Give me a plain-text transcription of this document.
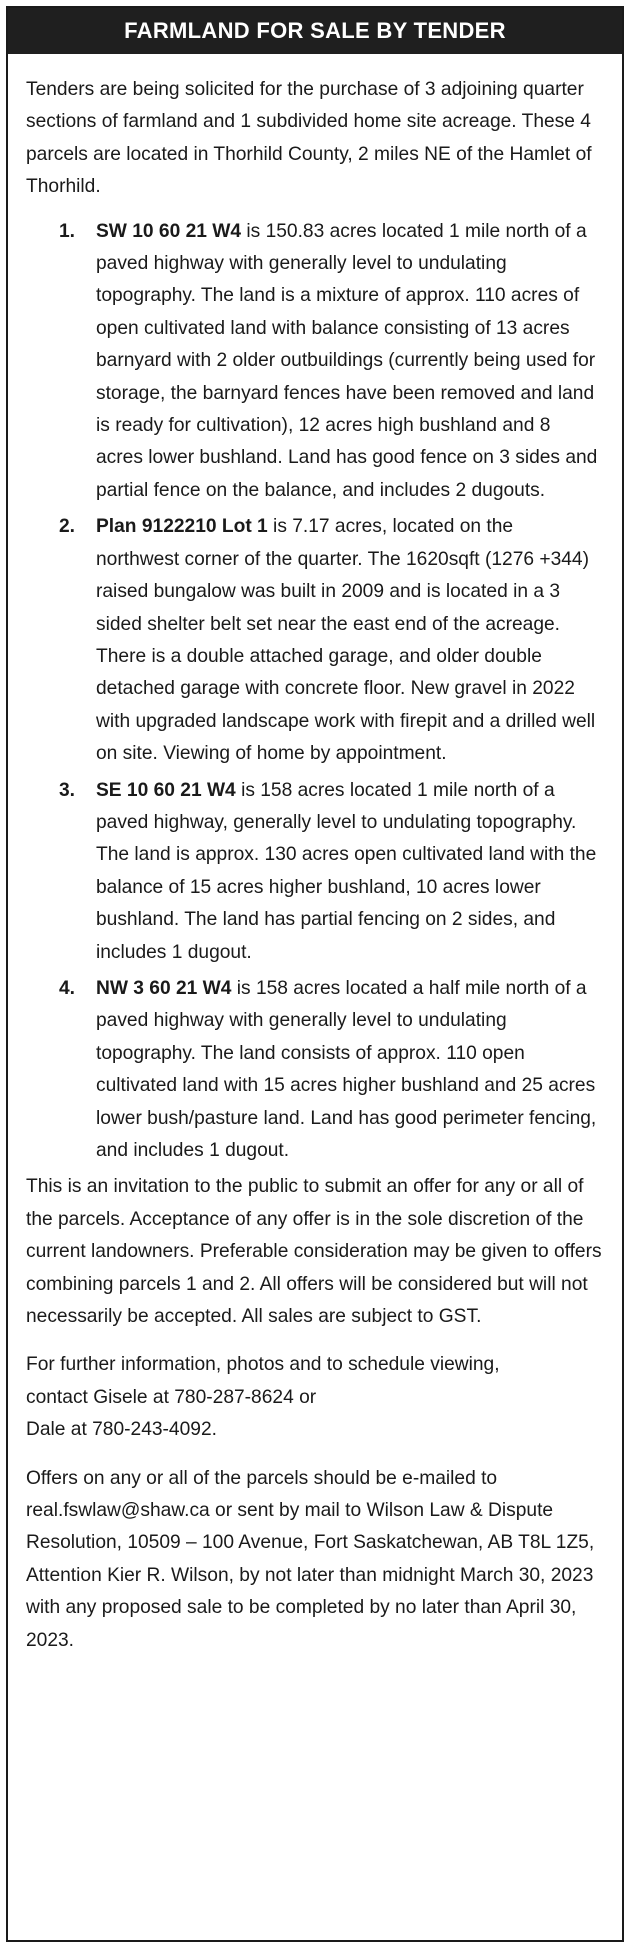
FARMLAND FOR SALE BY TENDER

Tenders are being solicited for the purchase of 3 adjoining quarter sections of farmland and 1 subdivided home site acreage. These 4 parcels are located in Thorhild County, 2 miles NE of the Hamlet of Thorhild.

1.	SW 10 60 21 W4 is 150.83 acres located 1 mile north of a paved highway with generally level to undulating topography. The land is a mixture of approx. 110 acres of open cultivated land with balance consisting of 13 acres barnyard with 2 older outbuildings (currently being used for storage, the barnyard fences have been removed and land is ready for cultivation), 12 acres high bushland and 8 acres lower bushland. Land has good fence on 3 sides and partial fence on the balance, and includes 2 dugouts.
2.	Plan 9122210 Lot 1 is 7.17 acres, located on the northwest corner of the quarter. The 1620sqft (1276 +344) raised bungalow was built in 2009 and is located in a 3 sided shelter belt set near the east end of the acreage. There is a double attached garage, and older double detached garage with concrete floor. New gravel in 2022 with upgraded landscape work with firepit and a drilled well on site. Viewing of home by appointment.
3.	SE 10 60 21 W4 is 158 acres located 1 mile north of a paved highway, generally level to undulating topography. The land is approx. 130 acres open cultivated land with the balance of 15 acres higher bushland, 10 acres lower bushland. The land has partial fencing on 2 sides, and includes 1 dugout.
4.	NW 3 60 21 W4 is 158 acres located a half mile north of a paved highway with generally level to undulating topography. The land consists of approx. 110 open cultivated land with 15 acres higher bushland and 25 acres lower bush/pasture land. Land has good perimeter fencing, and includes 1 dugout.

This is an invitation to the public to submit an offer for any or all of the parcels. Acceptance of any offer is in the sole discretion of the current landowners. Preferable consideration may be given to offers combining parcels 1 and 2. All offers will be considered but will not necessarily be accepted. All sales are subject to GST.

For further information, photos and to schedule viewing,
contact Gisele at 780-287-8624 or
Dale at 780-243-4092.

Offers on any or all of the parcels should be e-mailed to real.fswlaw@shaw.ca or sent by mail to Wilson Law & Dispute Resolution, 10509 – 100 Avenue, Fort Saskatchewan, AB T8L 1Z5, Attention Kier R. Wilson, by not later than midnight March 30, 2023 with any proposed sale to be completed by no later than April 30, 2023.
